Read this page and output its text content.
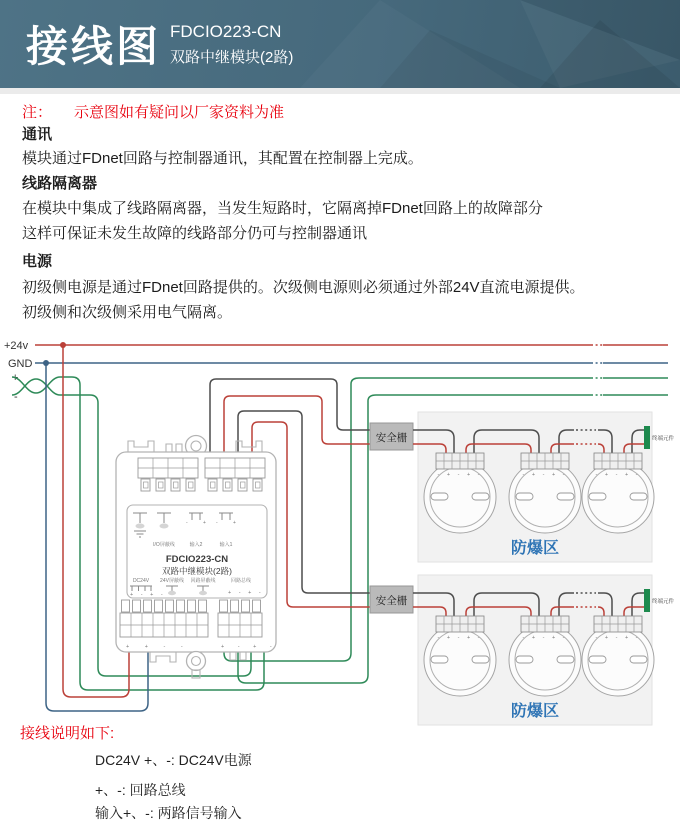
接线图 FDCIO223-CN
双路中继模块(2路)
注： 示意图如有疑问以厂家资料为准
通讯
模块通过FDnet回路与控制器通讯，其配置在控制器上完成。
线路隔离器
在模块中集成了线路隔离器，当发生短路时，它隔离掉FDnet回路上的故障部分
这样可保证未发生故障的线路部分仍可与控制器通讯
电源
初级侧电源是通过FDnet回路提供的。次级侧电源则必须通过外部24V直流电源提供。
初级侧和次级侧采用电气隔离。
+24v
GND
+
-
安全栅	终端元件
防爆区
+ + - -	+ - + -
I/O屏蔽线
-	+
输入2
-	+
输入1
FDCIO223-CN
双路中继模块(2路)
DC24V
+ - + -
24V屏蔽线 回路屏蔽线	回路总线
+ - + -
接线说明如下:
DC24V +、-: DC24V电源
+、-: 回路总线
输入+、-: 两路信号输入
